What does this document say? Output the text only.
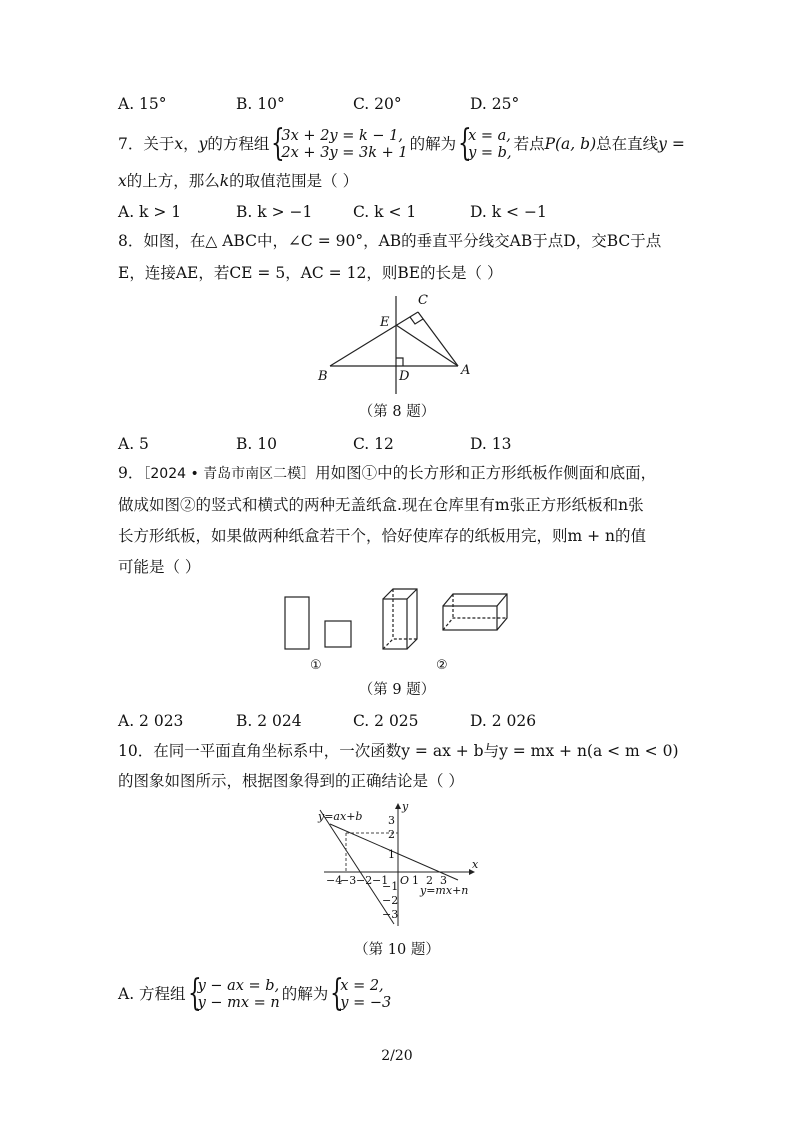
A. 15°	B. 10°	C. 20°	D. 25°
7．关于x，y的方程组 {
3x + 2y = k − 1,
2x + 3y = 3k + 1 的解为 {
x = a,
y = b, 若点P(a, b)总在直线y =
x的上方，那么k的取值范围是（ ）
A. k > 1	B. k > −1	C. k < 1	D. k < −1
8．如图，在△ ABC中，∠C = 90°，AB的垂直平分线交AB于点D，交BC于点
E，连接AE，若CE = 5，AC = 12，则BE的长是（ ）
B	D	A
E
C
（第 8 题）
A. 5	B. 10	C. 12	D. 13
9．［2024 • 青岛市南区二模］用如图①中的长方形和正方形纸板作侧面和底面，
做成如图②的竖式和横式的两种无盖纸盒.现在仓库里有m张正方形纸板和n张
长方形纸板，如果做两种纸盒若干个，恰好使库存的纸板用完，则m + n的值
可能是（ ）
①	②
（第 9 题）
A. 2 023	B. 2 024	C. 2 025	D. 2 026
10．在同一平面直角坐标系中，一次函数y = ax + b与y = mx + n(a < m < 0)
的图象如图所示，根据图象得到的正确结论是（ ）
y=ax+b
y=mx+n
x
y
O
−4
−3 −2 −1 1 2 3
3
2
1
−1
−2
−3
（第 10 题）
A. 方程组 {
y − ax = b,
y − mx = n 的解为 {
x = 2,
y = −3
2/20
